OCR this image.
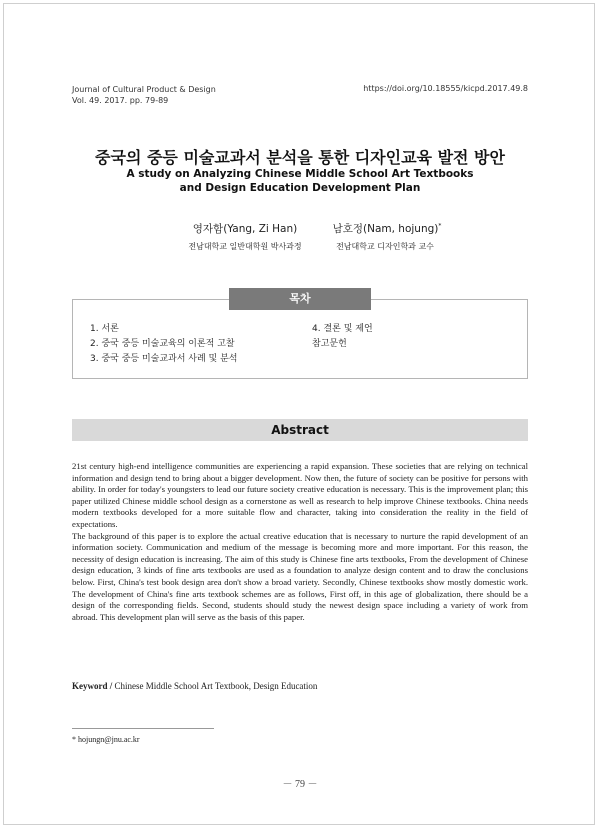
Journal of Cultural Product & Design
Vol. 49. 2017. pp. 79-89
https://doi.org/10.18555/kicpd.2017.49.8
중국의 중등 미술교과서 분석을 통한 디자인교육 발전 방안
A study on Analyzing Chinese Middle School Art Textbooks
and Design Education Development Plan
영자함(Yang, Zi Han)
전남대학교 일반대학원 박사과정
남호정(Nam, hojung)*
전남대학교 디자인학과 교수
목차
1. 서론
2. 중국 중등 미술교육의 이론적 고찰
3. 중국 중등 미술교과서 사례 및 분석
4. 결론 및 제언
참고문헌
Abstract

21st century high-end intelligence communities are experiencing a rapid expansion. These societies that are relying on technical information and design tend to bring about a bigger development. Now then, the future of society can be positive for persons with ability. In order for today's youngsters to lead our future society creative education is necessary. This is the improvement plan; this paper utilized Chinese middle school design as a cornerstone as well as research to help improve Chinese textbooks. China needs modern textbooks developed for a more suitable flow and character, taking into consideration the reality in the field of expectations.

The background of this paper is to explore the actual creative education that is necessary to nurture the rapid development of an information society. Communication and medium of the message is becoming more and more important. For this reason, the necessity of design education is increasing. The aim of this study is Chinese fine arts textbooks, From the development of Chinese design education, 3 kinds of fine arts textbooks are used as a foundation to analyze design content and to draw the conclusions below. First, China's test book design area don't show a broad variety. Secondly, Chinese textbooks show mostly domestic work. The development of China's fine arts textbook schemes are as follows, First off, in this age of globalization, there should be a design of the corresponding fields. Second, students should study the newest design space including a variety of work from abroad. This development plan will serve as the basis of this paper.

Keyword / Chinese Middle School Art Textbook, Design Education
* hojungn@jnu.ac.kr
－ 79 －
